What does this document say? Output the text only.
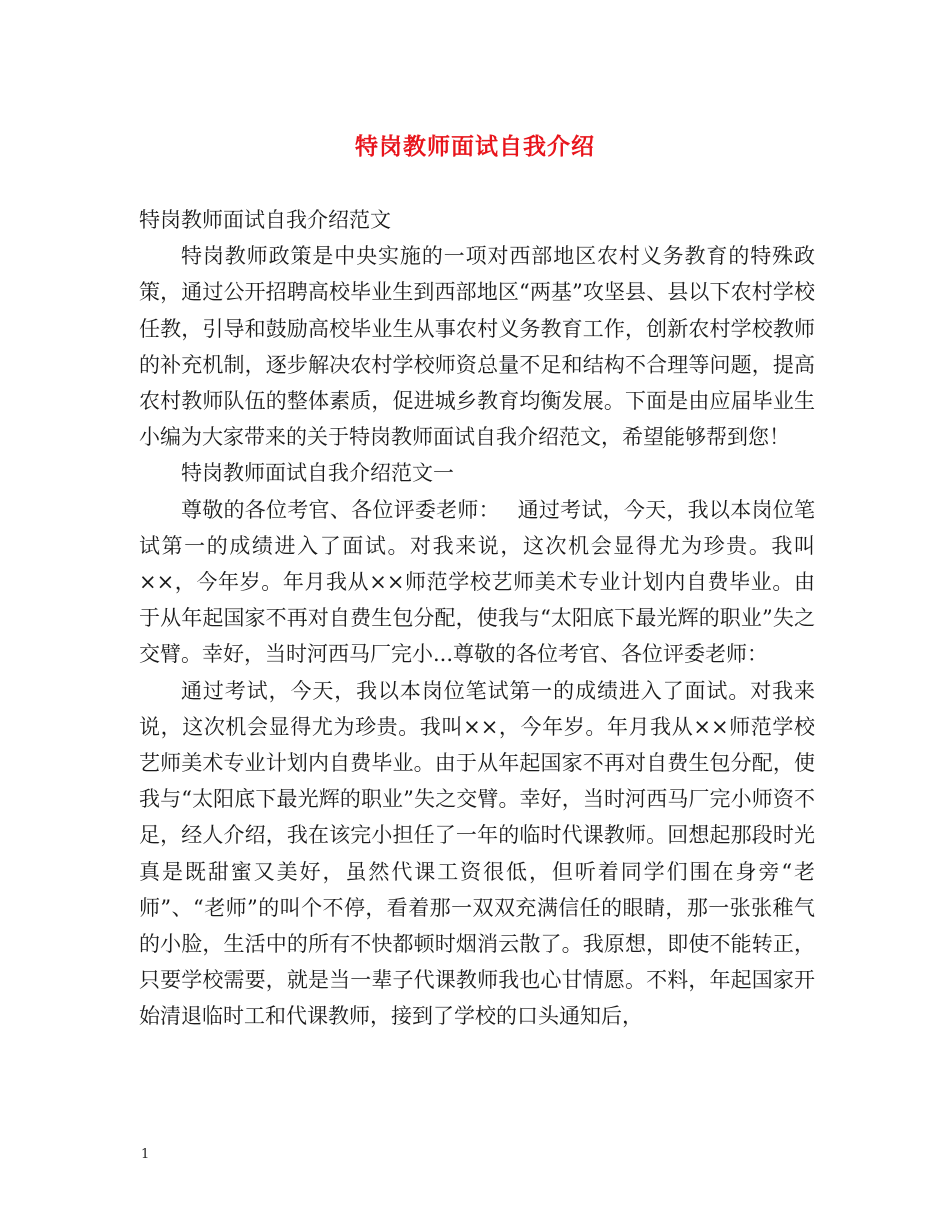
特岗教师面试自我介绍

特岗教师面试自我介绍范文

特岗教师政策是中央实施的一项对西部地区农村义务教育的特殊政策，通过公开招聘高校毕业生到西部地区“两基”攻坚县、县以下农村学校任教，引导和鼓励高校毕业生从事农村义务教育工作，创新农村学校教师的补充机制，逐步解决农村学校师资总量不足和结构不合理等问题，提高农村教师队伍的整体素质，促进城乡教育均衡发展。下面是由应届毕业生小编为大家带来的关于特岗教师面试自我介绍范文，希望能够帮到您！

特岗教师面试自我介绍范文一

尊敬的各位考官、各位评委老师：　 通过考试，今天，我以本岗位笔试第一的成绩进入了面试。对我来说，这次机会显得尤为珍贵。我叫××，今年岁。年月我从××师范学校艺师美术专业计划内自费毕业。由于从年起国家不再对自费生包分配，使我与“太阳底下最光辉的职业”失之交臂。幸好，当时河西马厂完小...尊敬的各位考官、各位评委老师：

通过考试，今天，我以本岗位笔试第一的成绩进入了面试。对我来说，这次机会显得尤为珍贵。我叫××，今年岁。年月我从××师范学校艺师美术专业计划内自费毕业。由于从年起国家不再对自费生包分配，使我与“太阳底下最光辉的职业”失之交臂。幸好，当时河西马厂完小师资不足，经人介绍，我在该完小担任了一年的临时代课教师。回想起那段时光真是既甜蜜又美好，虽然代课工资很低，但听着同学们围在身旁“老师”、“老师”的叫个不停，看着那一双双充满信任的眼睛，那一张张稚气的小脸，生活中的所有不快都顿时烟消云散了。我原想，即使不能转正，只要学校需要，就是当一辈子代课教师我也心甘情愿。不料，年起国家开始清退临时工和代课教师，接到了学校的口头通知后，

1
